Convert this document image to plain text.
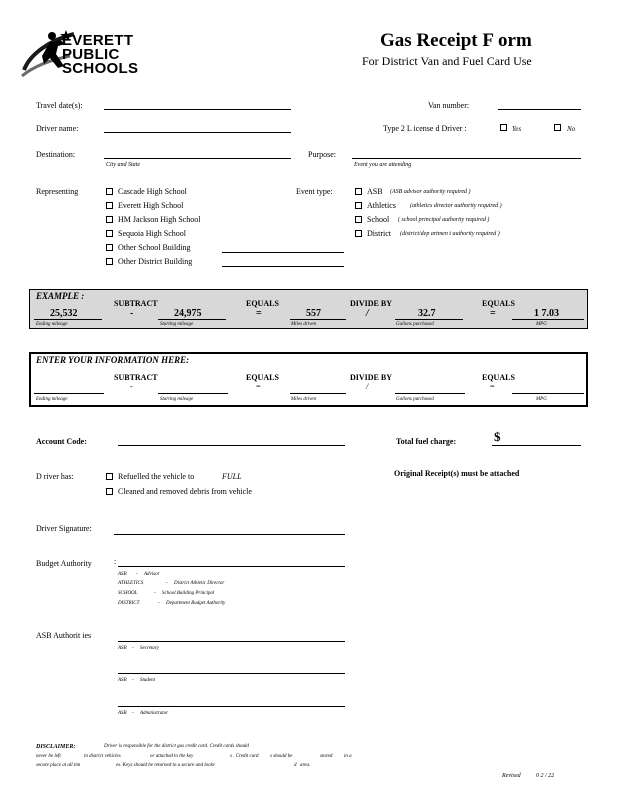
EVERETT
PUBLIC
SCHOOLS
Gas Receipt F orm
For District Van and Fuel Card Use
Travel date(s):	Van number:
Driver name:	Type 2 L icense d Driver :	Yes	No
Destination:
City and State
Purpose:
Event you are attending
Representing	Cascade High School
Everett High School
HM Jackson High School
Sequoia High School
Other School Building
Other District Building
Event type:	ASB (ASB advisor authority required )
Athletics (athletics director authority required )
School ( school principal authority required )
District (district/dep artmen t authority required )
EXAMPLE :
SUBTRACT	EQUALS	DIVIDE BY	EQUALS
25,532	-	24,975	=	557	/	32.7	=	1 7.03
Ending mileage	Starting mileage	Miles driven	Gallons purchased	MPG
ENTER YOUR INFORMATION HERE:
SUBTRACT	EQUALS	DIVIDE BY	EQUALS
-	=	/	=
Ending mileage	Starting mileage	Miles driven	Gallons purchased	MPG
Account Code:	Total fuel charge:	$
Original Receipt(s) must be attached
D river has:	Refuelled the vehicle to	FULL
Cleaned and removed debris from vehicle
Driver Signature:
Budget Authority	:
ASB - Advisor
ATHLETICS	- District Athletic Director
SCHOOL	- School Building Principal
DISTRICT	- Department Budget Authority
ASB Authorit ies
ASB - Secretary
ASB - Student
ASB - Administrator
DISCLAIMER:	Driver is responsible for the district gas credit card. Credit cards should
never be left	in district vehicles	or attached to the key	s . Credit card s should be	stored in a
secure place at all tim	es. Keys should be returned to a secure and locke	d area.
Revised	0 2 / 22
